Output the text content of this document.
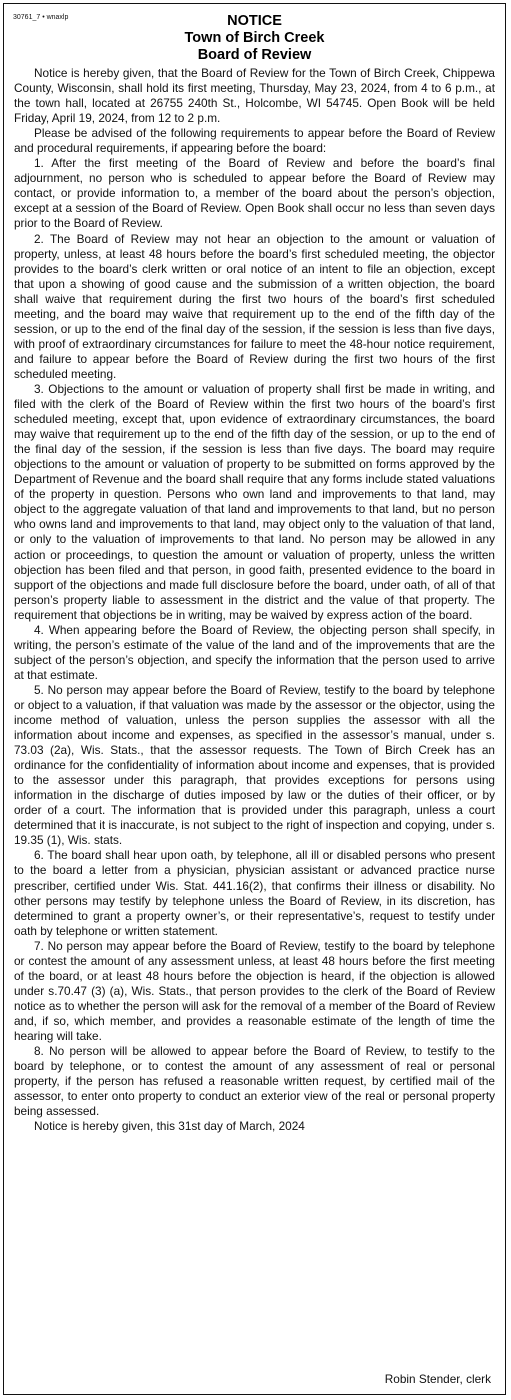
30761_7 • wnaxlp	NOTICE
Town of Birch Creek
Board of Review

Notice is hereby given, that the Board of Review for the Town of Birch Creek, Chippewa County, Wisconsin, shall hold its first meeting, Thursday, May 23, 2024, from 4 to 6 p.m., at the town hall, located at 26755 240th St., Holcombe, WI 54745. Open Book will be held Friday, April 19, 2024, from 12 to 2 p.m.

Please be advised of the following requirements to appear before the Board of Review and procedural requirements, if appearing before the board:

1. After the first meeting of the Board of Review and before the board’s final adjournment, no person who is scheduled to appear before the Board of Review may contact, or provide information to, a member of the board about the person’s objection, except at a session of the Board of Review. Open Book shall occur no less than seven days prior to the Board of Review.

2. The Board of Review may not hear an objection to the amount or valuation of property, unless, at least 48 hours before the board’s first scheduled meeting, the objector provides to the board’s clerk written or oral notice of an intent to file an objection, except that upon a showing of good cause and the submission of a written objection, the board shall waive that requirement during the first two hours of the board’s first scheduled meeting, and the board may waive that requirement up to the end of the fifth day of the session, or up to the end of the final day of the session, if the session is less than five days, with proof of extraordinary circumstances for failure to meet the 48-hour notice requirement, and failure to appear before the Board of Review during the first two hours of the first scheduled meeting.

3. Objections to the amount or valuation of property shall first be made in writing, and filed with the clerk of the Board of Review within the first two hours of the board’s first scheduled meeting, except that, upon evidence of extraordinary circumstances, the board may waive that requirement up to the end of the fifth day of the session, or up to the end of the final day of the session, if the session is less than five days. The board may require objections to the amount or valuation of property to be submitted on forms approved by the Department of Revenue and the board shall require that any forms include stated valuations of the property in question. Persons who own land and improvements to that land, may object to the aggregate valuation of that land and improvements to that land, but no person who owns land and improvements to that land, may object only to the valuation of that land, or only to the valuation of improvements to that land. No person may be allowed in any action or proceedings, to question the amount or valuation of property, unless the written objection has been filed and that person, in good faith, presented evidence to the board in support of the objections and made full disclosure before the board, under oath, of all of that person’s property liable to assessment in the district and the value of that property. The requirement that objections be in writing, may be waived by express action of the board.

4. When appearing before the Board of Review, the objecting person shall specify, in writing, the person’s estimate of the value of the land and of the improvements that are the subject of the person’s objection, and specify the information that the person used to arrive at that estimate.

5. No person may appear before the Board of Review, testify to the board by telephone or object to a valuation, if that valuation was made by the assessor or the objector, using the income method of valuation, unless the person supplies the assessor with all the information about income and expenses, as specified in the assessor’s manual, under s. 73.03 (2a), Wis. Stats., that the assessor requests. The Town of Birch Creek has an ordinance for the confidentiality of information about income and expenses, that is provided to the assessor under this paragraph, that provides exceptions for persons using information in the discharge of duties imposed by law or the duties of their officer, or by order of a court. The information that is provided under this paragraph, unless a court determined that it is inaccurate, is not subject to the right of inspection and copying, under s. 19.35 (1), Wis. stats.

6. The board shall hear upon oath, by telephone, all ill or disabled persons who present to the board a letter from a physician, physician assistant or advanced practice nurse prescriber, certified under Wis. Stat. 441.16(2), that confirms their illness or disability. No other persons may testify by telephone unless the Board of Review, in its discretion, has determined to grant a property owner’s, or their representative’s, request to testify under oath by telephone or written statement.

7. No person may appear before the Board of Review, testify to the board by telephone or contest the amount of any assessment unless, at least 48 hours before the first meeting of the board, or at least 48 hours before the objection is heard, if the objection is allowed under s.70.47 (3) (a), Wis. Stats., that person provides to the clerk of the Board of Review notice as to whether the person will ask for the removal of a member of the Board of Review and, if so, which member, and provides a reasonable estimate of the length of time the hearing will take.

8. No person will be allowed to appear before the Board of Review, to testify to the board by telephone, or to contest the amount of any assessment of real or personal property, if the person has refused a reasonable written request, by certified mail of the assessor, to enter onto property to conduct an exterior view of the real or personal property being assessed.

Notice is hereby given, this 31st day of March, 2024

Robin Stender, clerk
